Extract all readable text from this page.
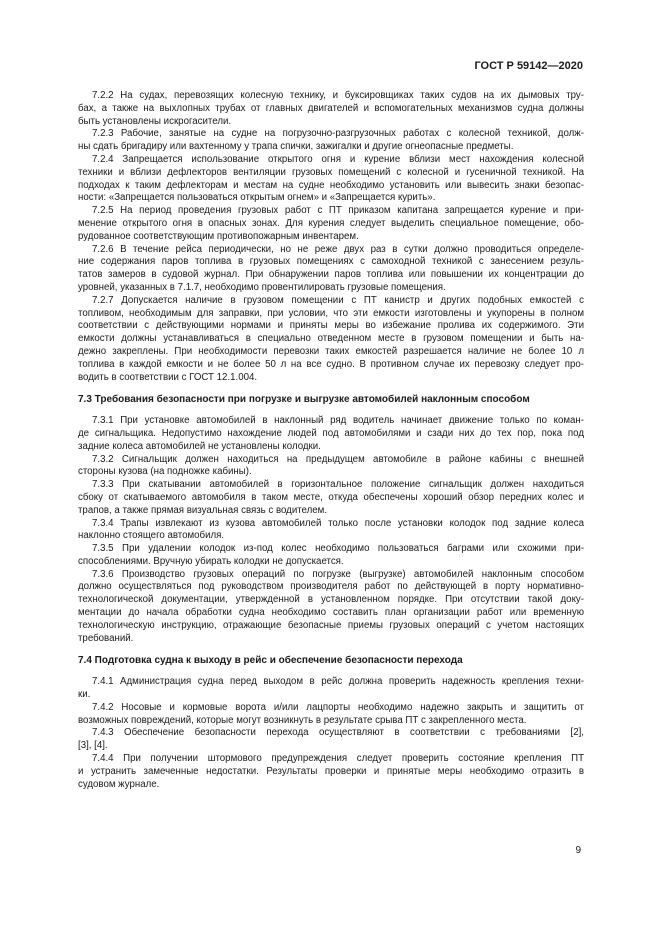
ГОСТ Р 59142—2020

7.2.2 На судах, перевозящих колесную технику, и буксировщиках таких судов на их дымовых тру-
бах, а также на выхлопных трубах от главных двигателей и вспомогательных механизмов судна должны
быть установлены искрогасители.

7.2.3 Рабочие, занятые на судне на погрузочно-разгрузочных работах с колесной техникой, долж-
ны сдать бригадиру или вахтенному у трапа спички, зажигалки и другие огнеопасные предметы.

7.2.4 Запрещается использование открытого огня и курение вблизи мест нахождения колесной
техники и вблизи дефлекторов вентиляции грузовых помещений с колесной и гусеничной техникой. На
подходах к таким дефлекторам и местам на судне необходимо установить или вывесить знаки безопас-
ности: «Запрещается пользоваться открытым огнем» и «Запрещается курить».

7.2.5 На период проведения грузовых работ с ПТ приказом капитана запрещается курение и при-
менение открытого огня в опасных зонах. Для курения следует выделить специальное помещение, обо-
рудованное соответствующим противопожарным инвентарем.

7.2.6 В течение рейса периодически, но не реже двух раз в сутки должно проводиться определе-
ние содержания паров топлива в грузовых помещениях с самоходной техникой с занесением резуль-
татов замеров в судовой журнал. При обнаружении паров топлива или повышении их концентрации до
уровней, указанных в 7.1.7, необходимо провентилировать грузовые помещения.

7.2.7 Допускается наличие в грузовом помещении с ПТ канистр и других подобных емкостей с
топливом, необходимым для заправки, при условии, что эти емкости изготовлены и укупорены в полном
соответствии с действующими нормами и приняты меры во избежание пролива их содержимого. Эти
емкости должны устанавливаться в специально отведенном месте в грузовом помещении и быть на-
дежно закреплены. При необходимости перевозки таких емкостей разрешается наличие не более 10 л
топлива в каждой емкости и не более 50 л на все судно. В противном случае их перевозку следует про-
водить в соответствии с ГОСТ 12.1.004.

7.3 Требования безопасности при погрузке и выгрузке автомобилей наклонным способом

7.3.1 При установке автомобилей в наклонный ряд водитель начинает движение только по коман-
де сигнальщика. Недопустимо нахождение людей под автомобилями и сзади них до тех пор, пока под
задние колеса автомобилей не установлены колодки.

7.3.2 Сигнальщик должен находиться на предыдущем автомобиле в районе кабины с внешней
стороны кузова (на подножке кабины).

7.3.3 При скатывании автомобилей в горизонтальное положение сигнальщик должен находиться
сбоку от скатываемого автомобиля в таком месте, откуда обеспечены хороший обзор передних колес и
трапов, а также прямая визуальная связь с водителем.

7.3.4 Трапы извлекают из кузова автомобилей только после установки колодок под задние колеса
наклонно стоящего автомобиля.

7.3.5 При удалении колодок из-под колес необходимо пользоваться баграми или схожими при-
способлениями. Вручную убирать колодки не допускается.

7.3.6 Производство грузовых операций по погрузке (выгрузке) автомобилей наклонным способом
должно осуществляться под руководством производителя работ по действующей в порту нормативно-
технологической документации, утвержденной в установленном порядке. При отсутствии такой доку-
ментации до начала обработки судна необходимо составить план организации работ или временную
технологическую инструкцию, отражающие безопасные приемы грузовых операций с учетом настоящих
требований.

7.4 Подготовка судна к выходу в рейс и обеспечение безопасности перехода

7.4.1 Администрация судна перед выходом в рейс должна проверить надежность крепления техни-
ки.

7.4.2 Носовые и кормовые ворота и/или лацпорты необходимо надежно закрыть и защитить от
возможных повреждений, которые могут возникнуть в результате срыва ПТ с закрепленного места.

7.4.3 Обеспечение безопасности перехода осуществляют в соответствии с требованиями [2],
[3], [4].

7.4.4 При получении штормового предупреждения следует проверить состояние крепления ПТ
и устранить замеченные недостатки. Результаты проверки и принятые меры необходимо отразить в
судовом журнале.

9
